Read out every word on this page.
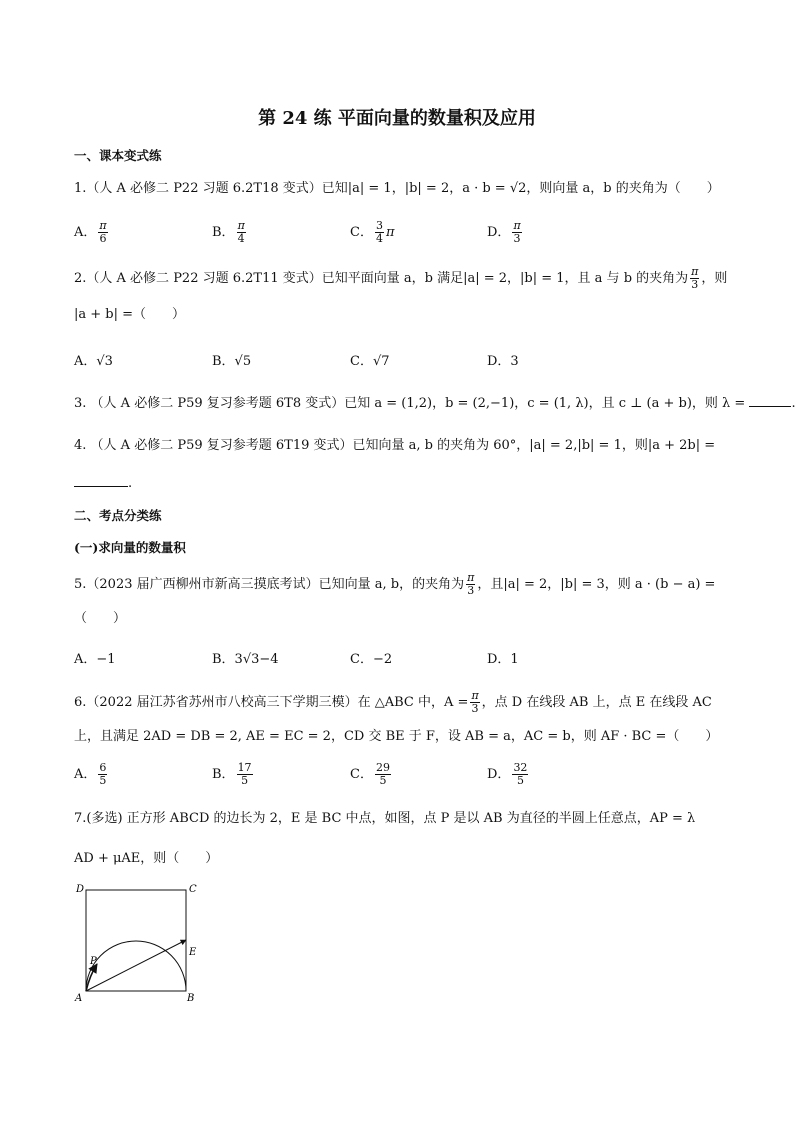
第 24 练 平面向量的数量积及应用
一、课本变式练
1.（人 A 必修二 P22 习题 6.2T18 变式）已知|a| = 1，|b| = 2，a · b = √2，则向量 a，b 的夹角为（　　）
A． $\frac{\pi}{6}$	B． $\frac{\pi}{4}$	C． $\frac{3}{4}$ π	D． $\frac{\pi}{3}$
2.（人 A 必修二 P22 习题 6.2T11 变式）已知平面向量 a，b 满足|a| = 2，|b| = 1，且 a 与 b 的夹角为 $\frac{\pi}{3}$ ，则
|a + b| =（　　）
A．√3	B．√5	C．√7	D．3
3. （人 A 必修二 P59 复习参考题 6T8 变式）已知 a = (1,2)，b = (2,−1)，c = (1, λ)，且 c ⊥ (a + b)，则 λ =	.
4. （人 A 必修二 P59 复习参考题 6T19 变式）已知向量 a, b 的夹角为 60°，|a| = 2,|b| = 1，则|a + 2b| =
.
二、考点分类练
(一)求向量的数量积
5.（2023 届广西柳州市新高三摸底考试）已知向量 a, b，的夹角为 $\frac{\pi}{3}$ ，且|a| = 2，|b| = 3，则 a · (b − a) =
（　　）
A．−1	B．3√3−4	C．−2	D．1
6.（2022 届江苏省苏州市八校高三下学期三模）在 △ABC 中，$A = \frac{\pi}{3}$ ，点 D 在线段 AB 上，点 E 在线段 AC
上，且满足 2AD = DB = 2, AE = EC = 2，CD 交 BE 于 F，设 AB = a，AC = b，则 AF · BC =（　　）
A． $\frac{6}{5}$	B． $\frac{17}{5}$	C． $\frac{29}{5}$	D． $\frac{32}{5}$
7.(多选) 正方形 ABCD 的边长为 2，E 是 BC 中点，如图，点 P 是以 AB 为直径的半圆上任意点，AP = λ
AD + μAE，则（　　）
D	C
E
P
A	B
